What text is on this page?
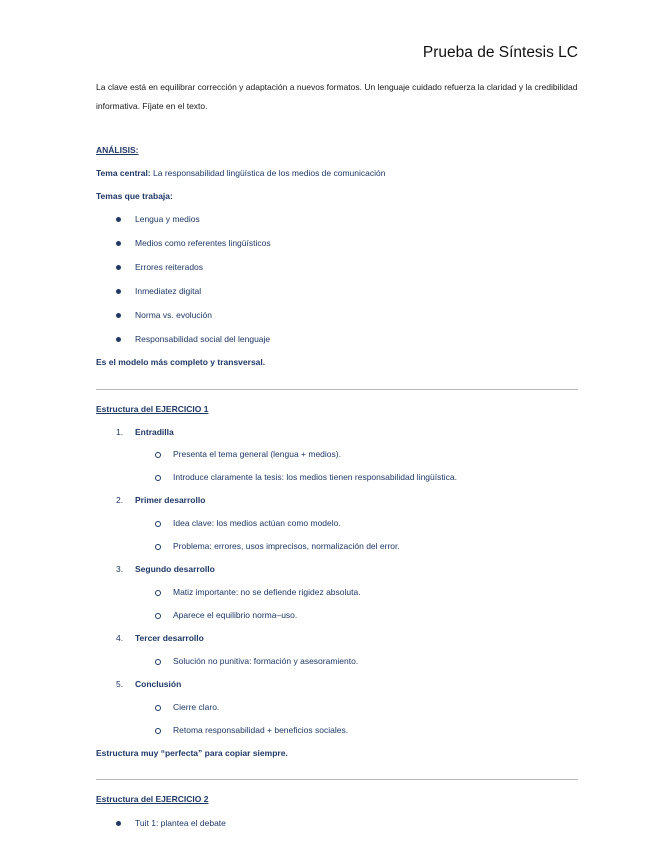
Prueba de Síntesis LC
La clave está en equilibrar corrección y adaptación a nuevos formatos. Un lenguaje cuidado refuerza la claridad y la credibilidad informativa. Fíjate en el texto.
ANÁLISIS:
Tema central: La responsabilidad lingüística de los medios de comunicación
Temas que trabaja:
Lengua y medios
Medios como referentes lingüísticos
Errores reiterados
Inmediatez digital
Norma vs. evolución
Responsabilidad social del lenguaje
Es el modelo más completo y transversal.
Estructura del EJERCICIO 1
1. Entradilla
Presenta el tema general (lengua + medios).
Introduce claramente la tesis: los medios tienen responsabilidad lingüística.
2. Primer desarrollo
Idea clave: los medios actúan como modelo.
Problema: errores, usos imprecisos, normalización del error.
3. Segundo desarrollo
Matiz importante: no se defiende rigidez absoluta.
Aparece el equilibrio norma–uso.
4. Tercer desarrollo
Solución no punitiva: formación y asesoramiento.
5. Conclusión
Cierre claro.
Retoma responsabilidad + beneficios sociales.
Estructura muy “perfecta” para copiar siempre.
Estructura del EJERCICIO 2
Tuit 1: plantea el debate
